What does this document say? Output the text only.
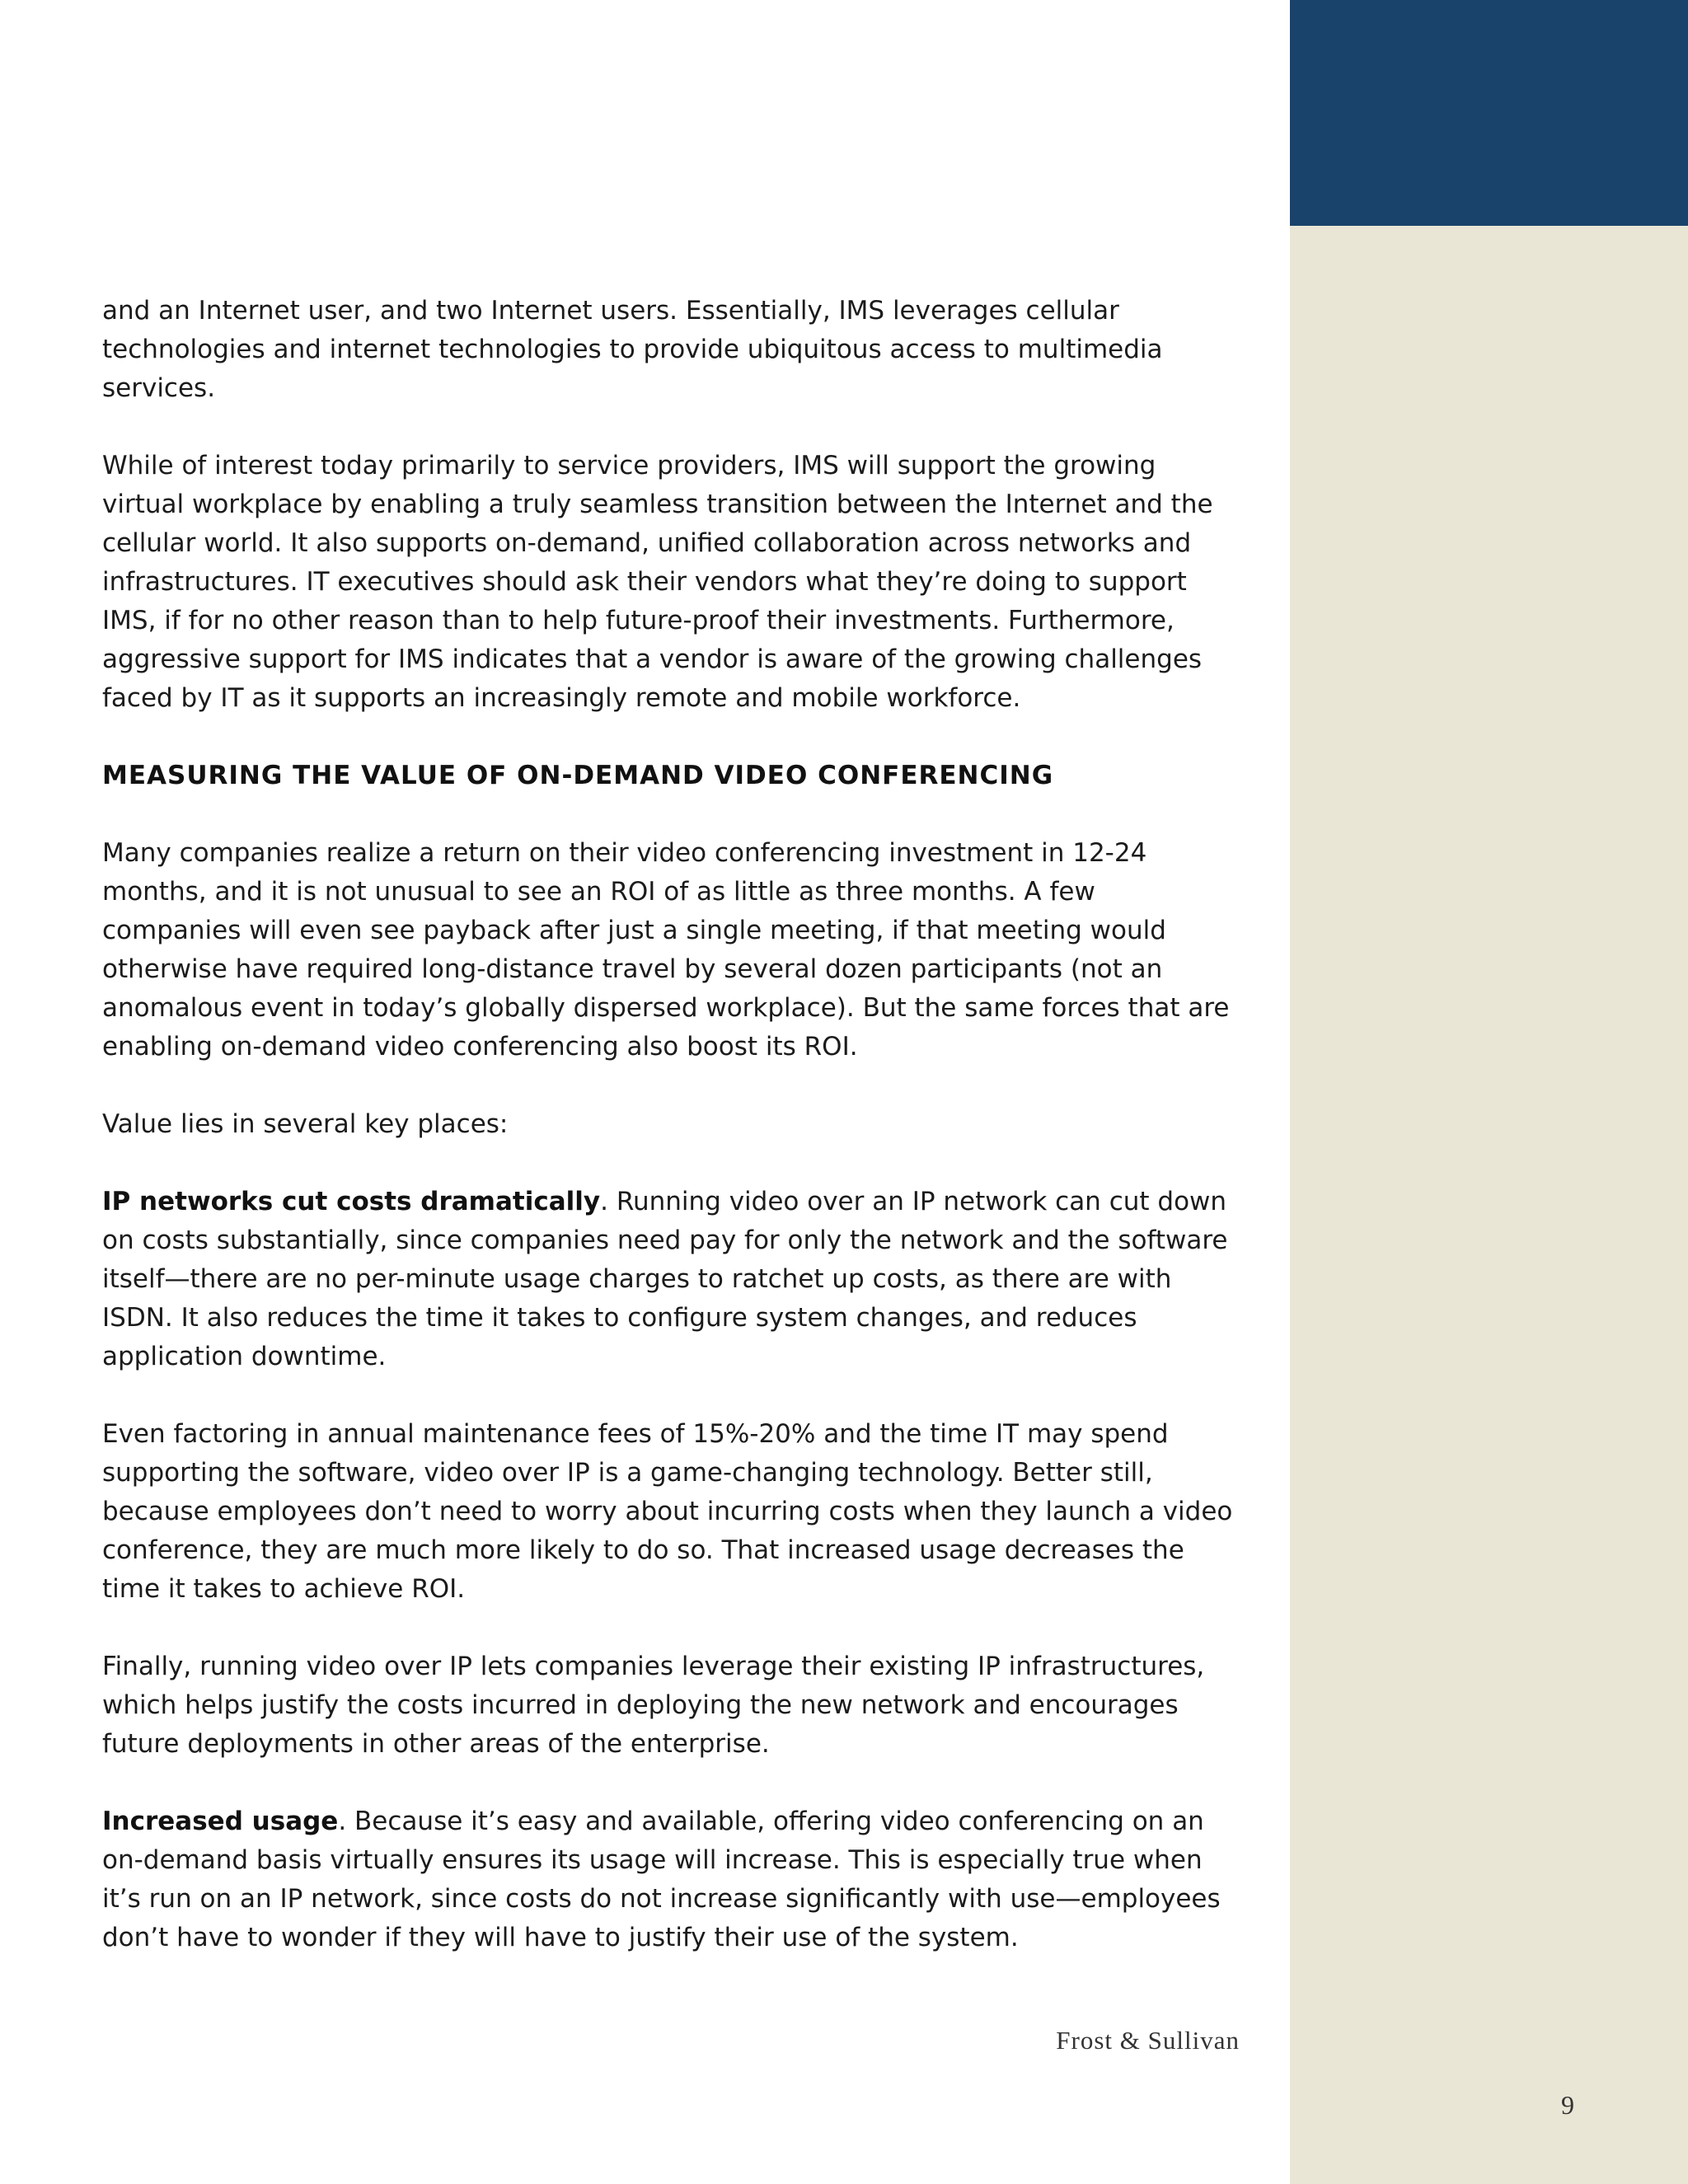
9

and an Internet user, and two Internet users. Essentially, IMS leverages cellular technologies and internet technologies to provide ubiquitous access to multimedia services.

While of interest today primarily to service providers, IMS will support the growing virtual workplace by enabling a truly seamless transition between the Internet and the cellular world. It also supports on-demand, unified collaboration across networks and infrastructures. IT executives should ask their vendors what they’re doing to support IMS, if for no other reason than to help future-proof their investments. Furthermore, aggressive support for IMS indicates that a vendor is aware of the growing challenges faced by IT as it supports an increasingly remote and mobile workforce.

MEASURING THE VALUE OF ON-DEMAND VIDEO CONFERENCING

Many companies realize a return on their video conferencing investment in 12-24 months, and it is not unusual to see an ROI of as little as three months. A few companies will even see payback after just a single meeting, if that meeting would otherwise have required long-distance travel by several dozen participants (not an anomalous event in today’s globally dispersed workplace). But the same forces that are enabling on-demand video conferencing also boost its ROI.

Value lies in several key places:

IP networks cut costs dramatically. Running video over an IP network can cut down on costs substantially, since companies need pay for only the network and the software itself—there are no per-minute usage charges to ratchet up costs, as there are with ISDN. It also reduces the time it takes to configure system changes, and reduces application downtime.

Even factoring in annual maintenance fees of 15%-20% and the time IT may spend supporting the software, video over IP is a game-changing technology. Better still, because employees don’t need to worry about incurring costs when they launch a video conference, they are much more likely to do so. That increased usage decreases the time it takes to achieve ROI.

Finally, running video over IP lets companies leverage their existing IP infrastructures, which helps justify the costs incurred in deploying the new network and encourages future deployments in other areas of the enterprise.

Increased usage. Because it’s easy and available, offering video conferencing on an on-demand basis virtually ensures its usage will increase. This is especially true when it’s run on an IP network, since costs do not increase significantly with use—employees don’t have to wonder if they will have to justify their use of the system.

Frost & Sullivan
